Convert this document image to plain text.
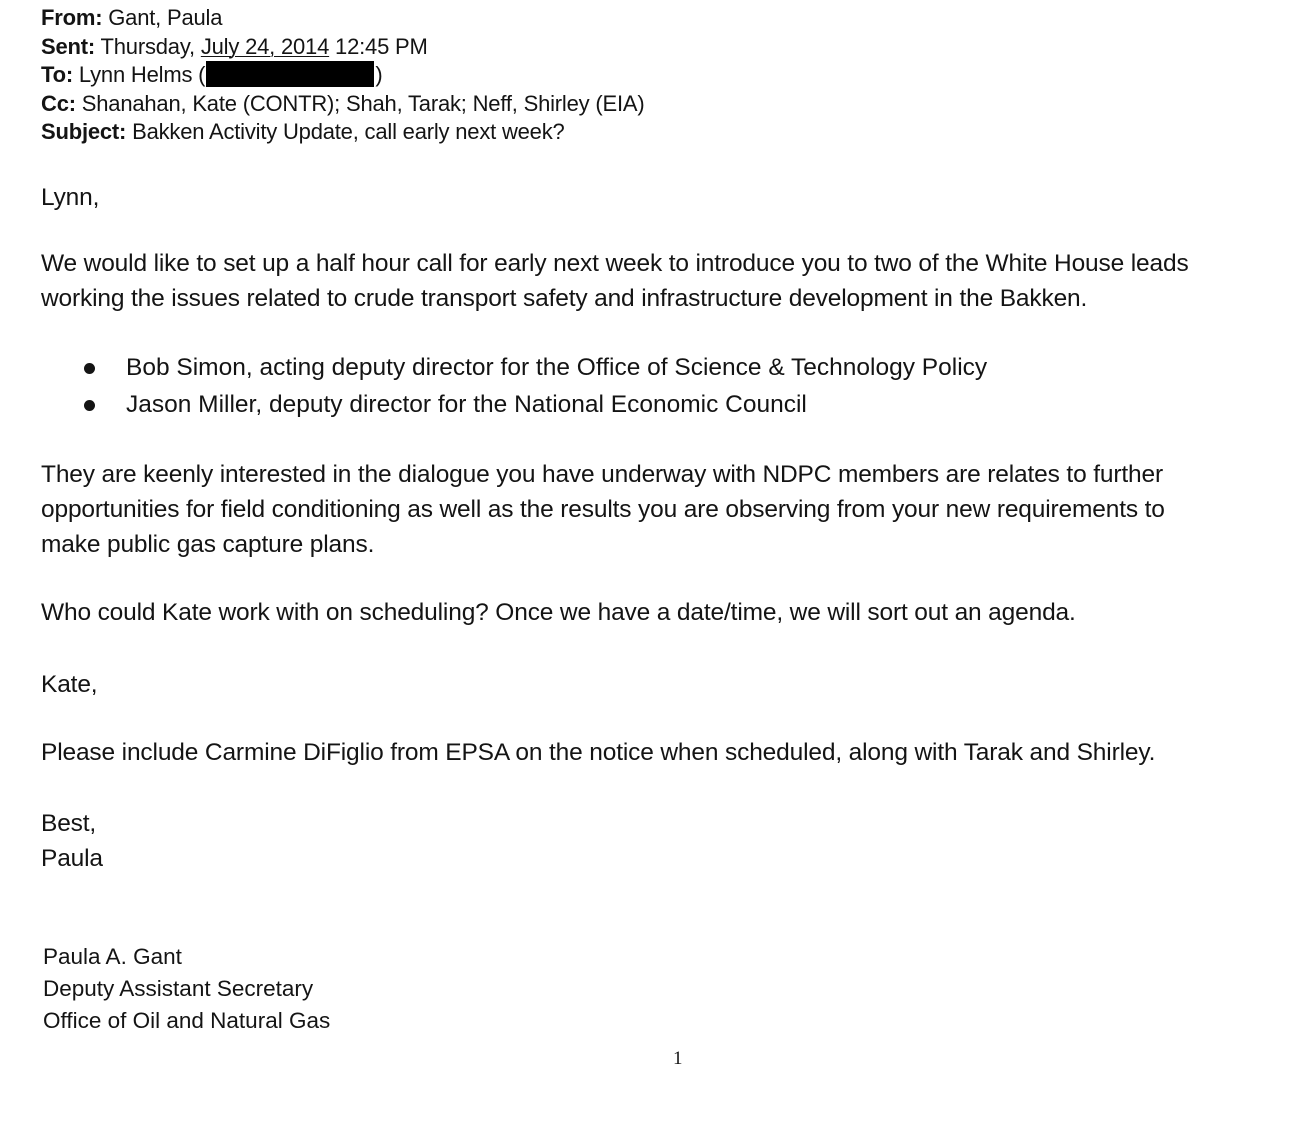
From: Gant, Paula
Sent: Thursday, July 24, 2014 12:45 PM
To: Lynn Helms (	)
Cc: Shanahan, Kate (CONTR); Shah, Tarak; Neff, Shirley (EIA)
Subject: Bakken Activity Update, call early next week?

Lynn,

We would like to set up a half hour call for early next week to introduce you to two of the White House leads

working the issues related to crude transport safety and infrastructure development in the Bakken.

Bob Simon, acting deputy director for the Office of Science & Technology Policy
Jason Miller, deputy director for the National Economic Council

They are keenly interested in the dialogue you have underway with NDPC members are relates to further

opportunities for field conditioning as well as the results you are observing from your new requirements to

make public gas capture plans.

Who could Kate work with on scheduling? Once we have a date/time, we will sort out an agenda.

Kate,

Please include Carmine DiFiglio from EPSA on the notice when scheduled, along with Tarak and Shirley.

Best,

Paula

Paula A. Gant
Deputy Assistant Secretary
Office of Oil and Natural Gas
1
